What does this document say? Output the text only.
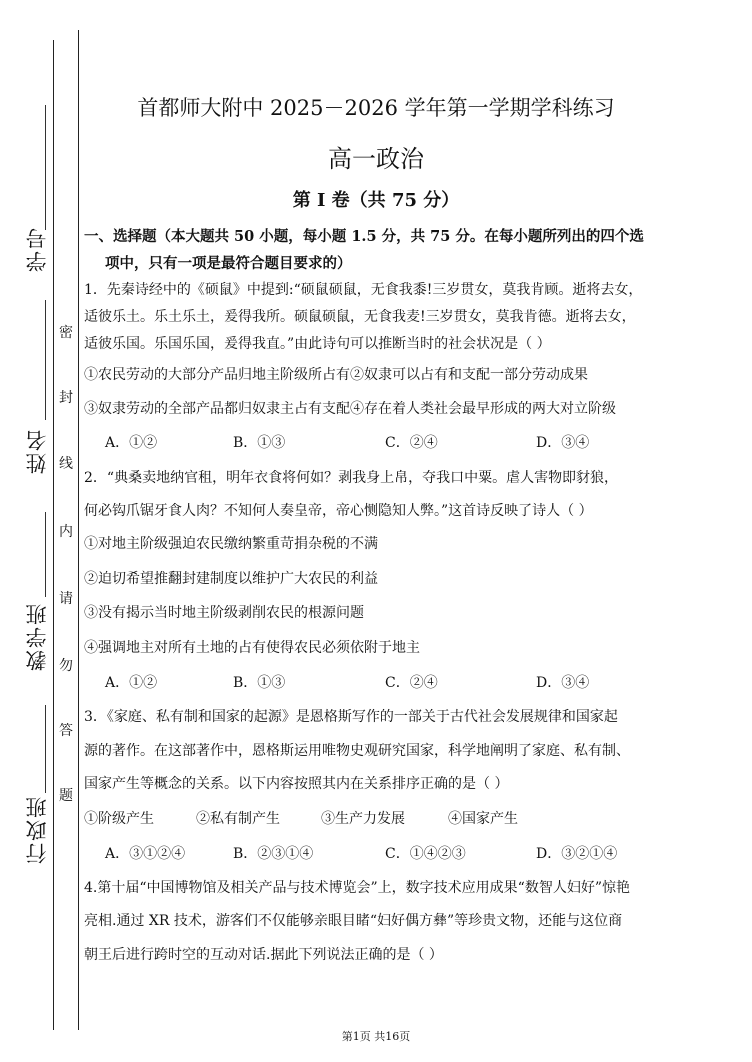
学号
姓名
教学班
行政班
密
封
线
内
请
勿
答
题
首都师大附中 2025－2026 学年第一学期学科练习
高一政治
第 I 卷（共 75 分）
一、选择题（本大题共 50 小题，每小题 1.5 分，共 75 分。在每小题所列出的四个选
项中，只有一项是最符合题目要求的）
1．先秦诗经中的《硕鼠》中提到:“硕鼠硕鼠，无食我黍!三岁贯女，莫我肯顾。逝将去女，
适彼乐土。乐土乐土，爰得我所。硕鼠硕鼠，无食我麦!三岁贯女，莫我肯德。逝将去女，
适彼乐国。乐国乐国，爰得我直。”由此诗句可以推断当时的社会状况是（ ）
①农民劳动的大部分产品归地主阶级所占有②奴隶可以占有和支配一部分劳动成果
③奴隶劳动的全部产品都归奴隶主占有支配④存在着人类社会最早形成的两大对立阶级
A．①②	B．①③	C．②④	D．③④
2．“典桑卖地纳官租，明年衣食将何如？剥我身上帛，夺我口中粟。虐人害物即豺狼，
何必钩爪锯牙食人肉？不知何人奏皇帝，帝心恻隐知人弊。”这首诗反映了诗人（ ）
①对地主阶级强迫农民缴纳繁重苛捐杂税的不满
②迫切希望推翻封建制度以维护广大农民的利益
③没有揭示当时地主阶级剥削农民的根源问题
④强调地主对所有土地的占有使得农民必须依附于地主
A．①②	B．①③	C．②④	D．③④
3．《家庭、私有制和国家的起源》是恩格斯写作的一部关于古代社会发展规律和国家起
源的著作。在这部著作中，恩格斯运用唯物史观研究国家，科学地阐明了家庭、私有制、
国家产生等概念的关系。以下内容按照其内在关系排序正确的是（ ）
①阶级产生	②私有制产生	③生产力发展	④国家产生
A．③①②④	B．②③①④	C．①④②③	D．③②①④
4.第十届“中国博物馆及相关产品与技术博览会”上，数字技术应用成果“数智人妇好”惊艳
亮相.通过 XR 技术，游客们不仅能够亲眼目睹“妇好偶方彝”等珍贵文物，还能与这位商
朝王后进行跨时空的互动对话.据此下列说法正确的是（ ）
第1页 共16页
